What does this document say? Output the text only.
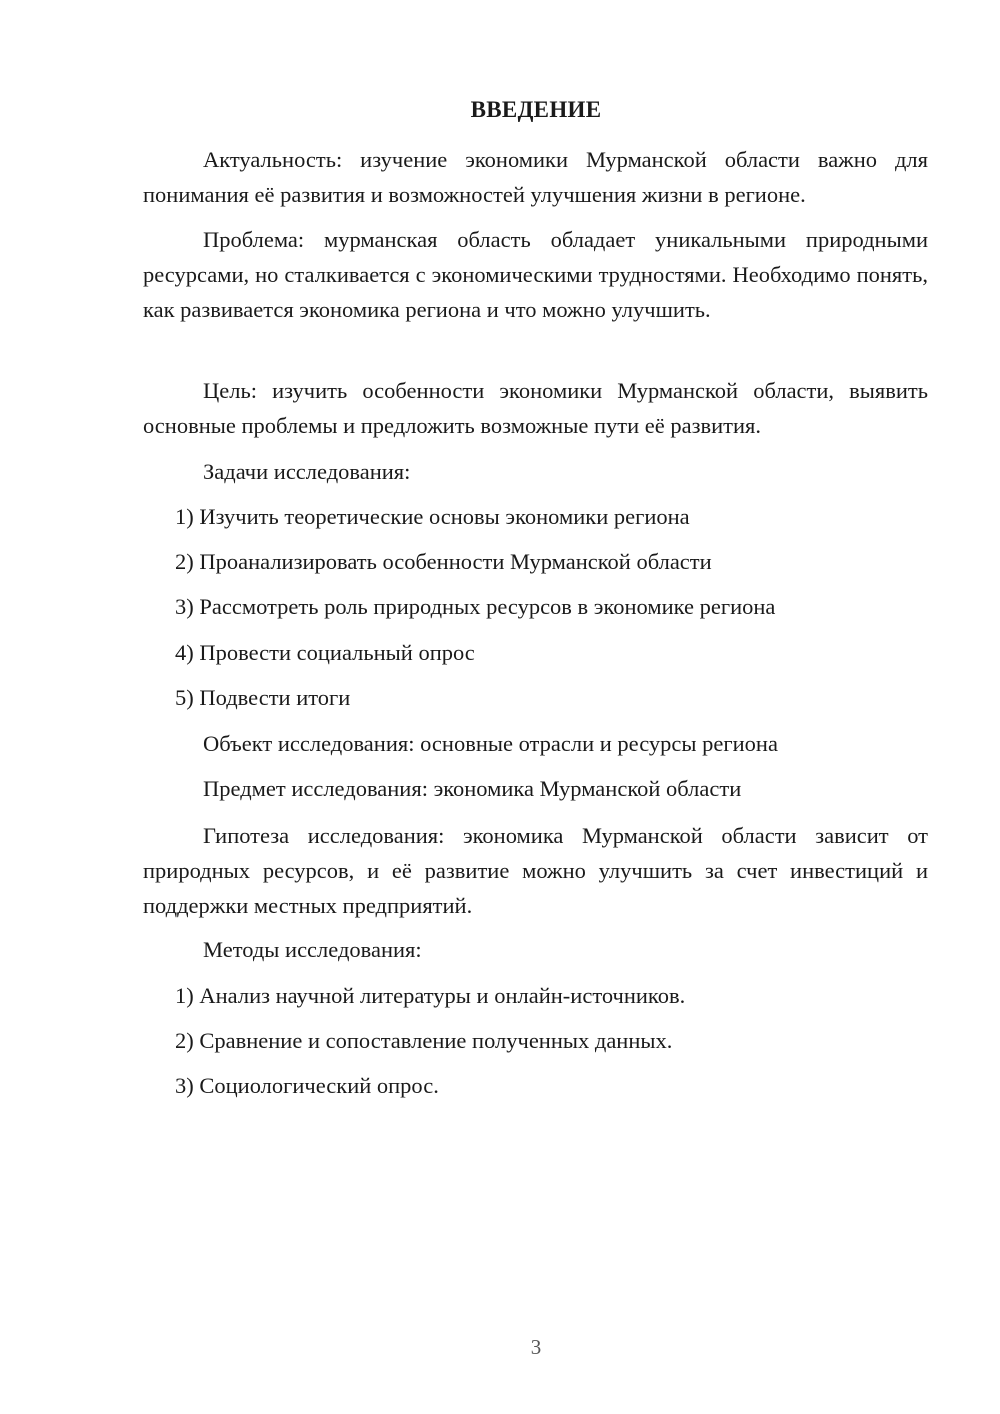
ВВЕДЕНИЕ
Актуальность: изучение экономики Мурманской области важно для понимания её развития и возможностей улучшения жизни в регионе.
Проблема: мурманская область обладает уникальными природными ресурсами, но сталкивается с экономическими трудностями. Необходимо понять, как развивается экономика региона и что можно улучшить.
Цель: изучить особенности экономики Мурманской области, выявить основные проблемы и предложить возможные пути её развития.
Задачи исследования:
1) Изучить теоретические основы экономики региона
2) Проанализировать особенности Мурманской области
3) Рассмотреть роль природных ресурсов в экономике региона
4) Провести социальный опрос
5) Подвести итоги
Объект исследования: основные отрасли и ресурсы региона
Предмет исследования: экономика Мурманской области
Гипотеза исследования: экономика Мурманской области зависит от природных ресурсов, и её развитие можно улучшить за счет инвестиций и поддержки местных предприятий.
Методы исследования:
1) Анализ научной литературы и онлайн-источников.
2) Сравнение и сопоставление полученных данных.
3) Социологический опрос.
3
